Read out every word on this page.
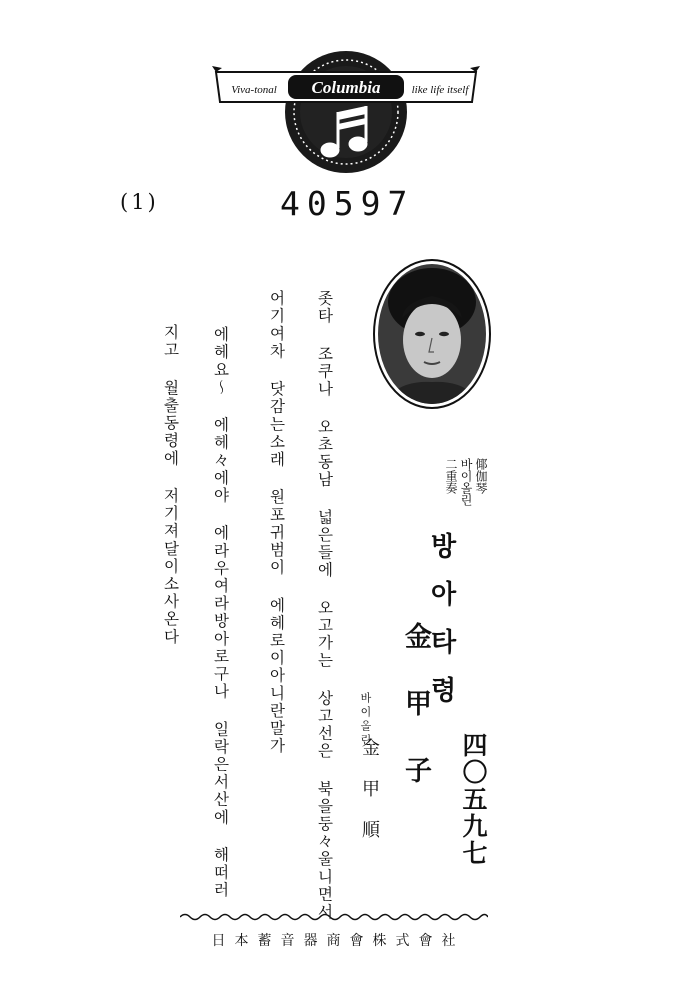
Columbia
Viva-tonal	like life itself
(1)	40597
좃타 조쿠나 오초동남 넓은들에 오고가는 상고선은 북을둥々울니면서
어기여차 닷감는소래 원포귀범이 에헤로이아니란말가
에헤요〜 에헤々에야 에라우여라방아로구나 일락은서산에 해떠러
지고 월출동령에 저기져달이소사온다	倻伽琴
바이올린
二重奏
방아타령
金甲子
바이올린
金甲順	四〇五九七
日本蓄音器商會株式會社
